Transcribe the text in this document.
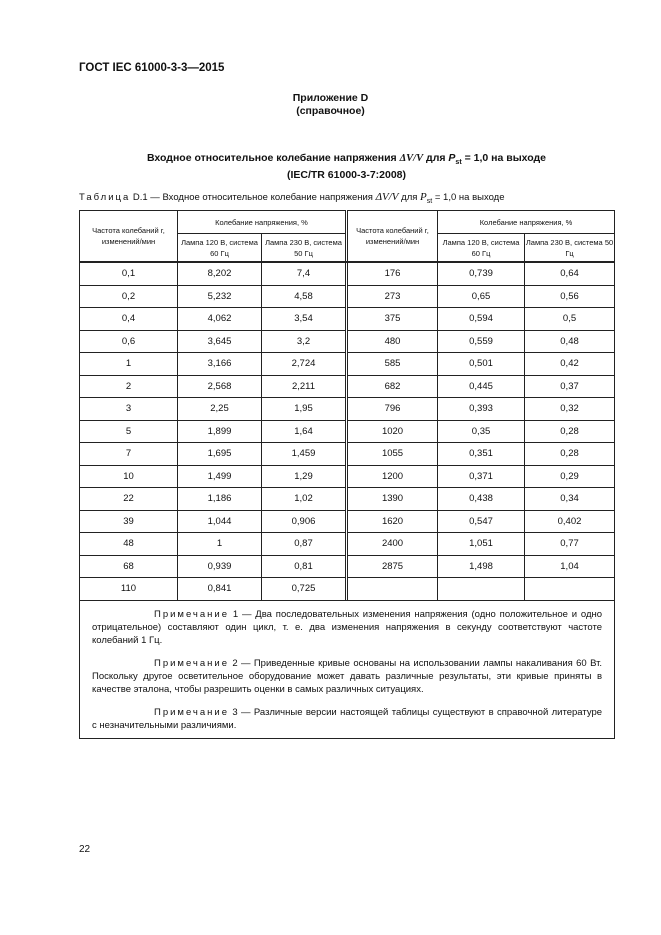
ГОСТ IEC 61000-3-3—2015
Приложение D
(справочное)
Входное относительное колебание напряжения ΔV/V для $P_{st} = 1,0$ на выходе
(IEC/TR 61000-3-7:2008)
Таблица D.1 — Входное относительное колебание напряжения ΔV/V для $P_{st} = 1,0$ на выходе
Частота колебаний r, изменений/мин	Колебание напряжения, %			Частота колебаний r, изменений/мин	Колебание напряжения, %	
	Лампа 120 В, система 60 Гц	Лампа 230 В, система 50 Гц			Лампа 120 В, система 60 Гц	Лампа 230 В, система 50 Гц
0,1	8,202	7,4		176	0,739	0,64
0,2	5,232	4,58		273	0,65	0,56
0,4	4,062	3,54		375	0,594	0,5
0,6	3,645	3,2		480	0,559	0,48
1	3,166	2,724		585	0,501	0,42
2	2,568	2,211		682	0,445	0,37
3	2,25	1,95		796	0,393	0,32
5	1,899	1,64		1020	0,35	0,28
7	1,695	1,459		1055	0,351	0,28
10	1,499	1,29		1200	0,371	0,29
22	1,186	1,02		1390	0,438	0,34
39	1,044	0,906		1620	0,547	0,402
48	1	0,87		2400	1,051	0,77
68	0,939	0,81		2875	1,498	1,04
110	0,841	0,725				

Примечание 1 — Два последовательных изменения напряжения (одно положительное и одно отрицательное) составляют один цикл, т. е. два изменения напряжения в секунду соответствуют частоте колебаний 1 Гц.

Примечание 2 — Приведенные кривые основаны на использовании лампы накаливания 60 Вт. Поскольку другое осветительное оборудование может давать различные результаты, эти кривые приняты в качестве эталона, чтобы разрешить оценки в самых различных ситуациях.

Примечание 3 — Различные версии настоящей таблицы существуют в справочной литературе с незначительными различиями.						

22
